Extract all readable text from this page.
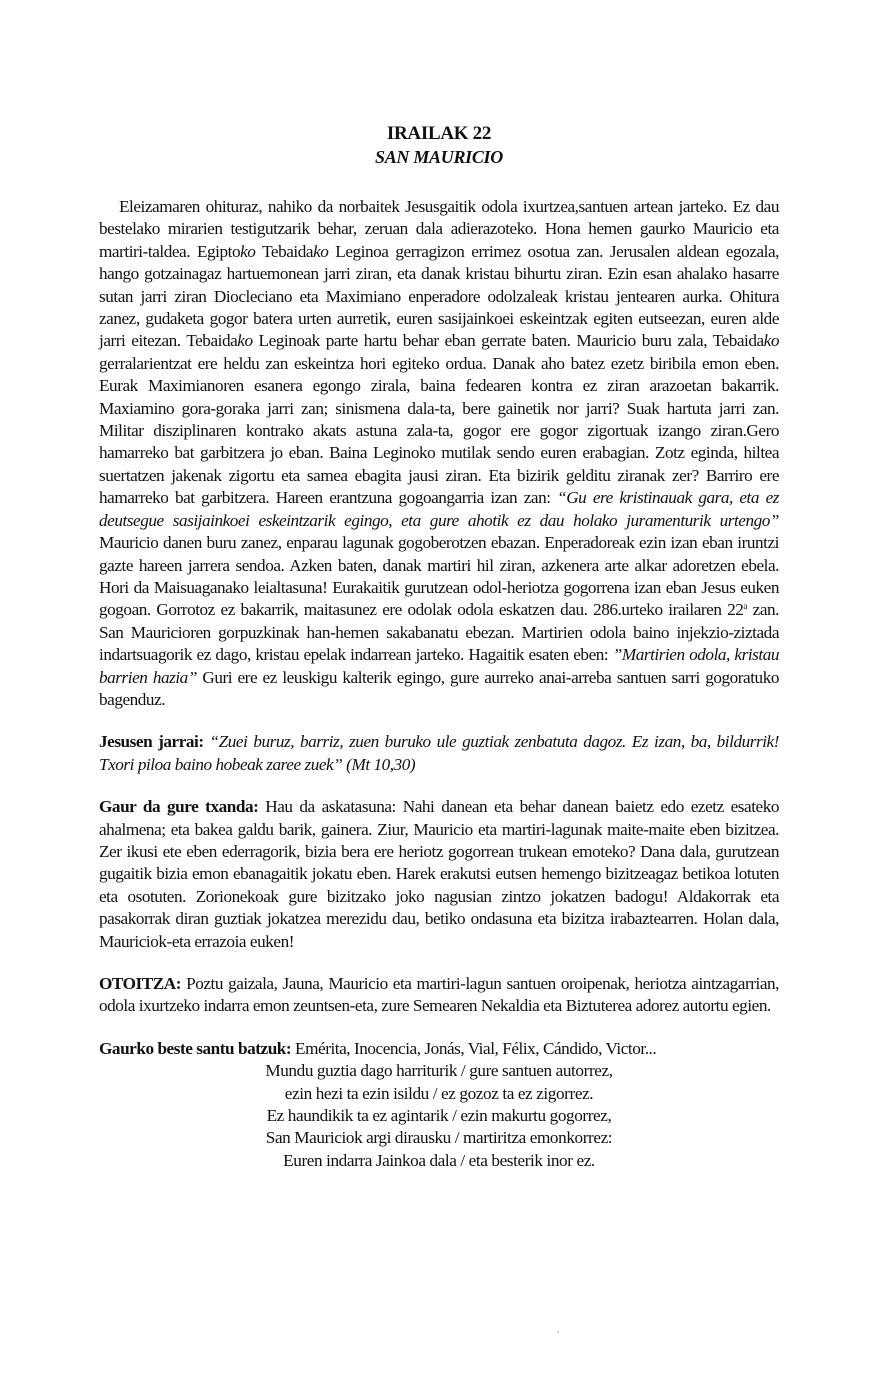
IRAILAK 22
SAN MAURICIO

Eleizamaren ohituraz, nahiko da norbaitek Jesusgaitik odola ixurtzea,santuen artean jarteko. Ez dau bestelako mirarien testigutzarik behar, zeruan dala adierazoteko. Hona hemen gaurko Mauricio eta martiri-taldea. Egiptoko Tebaidako Leginoa gerragizon errimez osotua zan. Jerusalen aldean egozala, hango gotzainagaz hartuemonean jarri ziran, eta danak kristau bihurtu ziran. Ezin esan ahalako hasarre sutan jarri ziran Diocleciano eta Maximiano enperadore odolzaleak kristau jentearen aurka. Ohitura zanez, gudaketa gogor batera urten aurretik, euren sasijainkoei eskeintzak egiten eutseezan, euren alde jarri eitezan. Tebaidako Leginoak parte hartu behar eban gerrate baten. Mauricio buru zala, Tebaidako gerralarientzat ere heldu zan eskeintza hori egiteko ordua. Danak aho batez ezetz biribila emon eben. Eurak Maximianoren esanera egongo zirala, baina fedearen kontra ez ziran arazoetan bakarrik. Maxiamino gora-goraka jarri zan; sinismena dala-ta, bere gainetik nor jarri? Suak hartuta jarri zan. Militar disziplinaren kontrako akats astuna zala-ta, gogor ere gogor zigortuak izango ziran.Gero hamarreko bat garbitzera jo eban. Baina Leginoko mutilak sendo euren erabagian. Zotz eginda, hiltea suertatzen jakenak zigortu eta samea ebagita jausi ziran. Eta bizirik gelditu ziranak zer? Barriro ere hamarreko bat garbitzera. Hareen erantzuna gogoangarria izan zan: “Gu ere kristinauak gara, eta ez deutsegue sasijainkoei eskeintzarik egingo, eta gure ahotik ez dau holako juramenturik urtengo” Mauricio danen buru zanez, enparau lagunak gogoberotzen ebazan. Enperadoreak ezin izan eban iruntzi gazte hareen jarrera sendoa. Azken baten, danak martiri hil ziran, azkenera arte alkar adoretzen ebela. Hori da Maisuaganako leialtasuna! Eurakaitik gurutzean odol-heriotza gogorrena izan eban Jesus euken gogoan. Gorrotoz ez bakarrik, maitasunez ere odolak odola eskatzen dau. 286.urteko irailaren 22$^a$ zan. San Mauricioren gorpuzkinak han-hemen sakabanatu ebezan. Martirien odola baino injekzio-ziztada indartsuagorik ez dago, kristau epelak indarrean jarteko. Hagaitik esaten eben: ”Martirien odola, kristau barrien hazia” Guri ere ez leuskigu kalterik egingo, gure aurreko anai-arreba santuen sarri gogoratuko bagenduz.

Jesusen jarrai: “Zuei buruz, barriz, zuen buruko ule guztiak zenbatuta dagoz. Ez izan, ba, bildurrik! Txori piloa baino hobeak zaree zuek” (Mt 10,30)

Gaur da gure txanda: Hau da askatasuna: Nahi danean eta behar danean baietz edo ezetz esateko ahalmena; eta bakea galdu barik, gainera. Ziur, Mauricio eta martiri-lagunak maite-maite eben bizitzea. Zer ikusi ete eben ederragorik, bizia bera ere heriotz gogorrean trukean emoteko? Dana dala, gurutzean gugaitik bizia emon ebanagaitik jokatu eben. Harek erakutsi eutsen hemengo bizitzeagaz betikoa lotuten eta osotuten. Zorionekoak gure bizitzako joko nagusian zintzo jokatzen badogu! Aldakorrak eta pasakorrak diran guztiak jokatzea merezidu dau, betiko ondasuna eta bizitza irabaztearren. Holan dala, Mauriciok-eta errazoia euken!

OTOITZA: Poztu gaizala, Jauna, Mauricio eta martiri-lagun santuen oroipenak, heriotza aintzagarrian, odola ixurtzeko indarra emon zeuntsen-eta, zure Semearen Nekaldia eta Biztuterea adorez autortu egien.

Gaurko beste santu batzuk: Emérita, Inocencia, Jonás, Vial, Félix, Cándido, Victor...

Mundu guztia dago harriturik / gure santuen autorrez,
ezin hezi ta ezin isildu / ez gozoz ta ez zigorrez.
Ez haundikik ta ez agintarik / ezin makurtu gogorrez,
San Mauriciok argi dirausku / martiritza emonkorrez:
Euren indarra Jainkoa dala / eta besterik inor ez.
